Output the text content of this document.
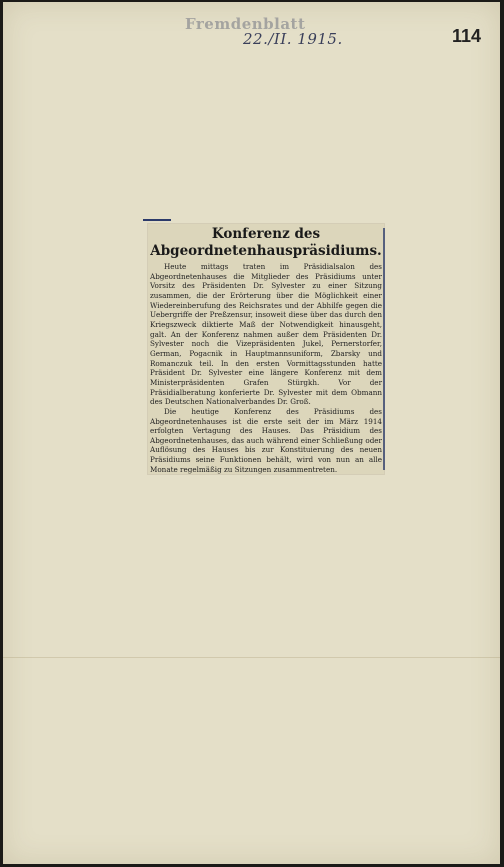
Fremdenblatt
22./II. 1915.	114
Konferenz des Abgeordnetenhauspräsidiums.

Heute mittags traten im Präsidialsalon des Abgeordnetenhauses die Mitglieder des Präsidiums unter Vorsitz des Präsidenten Dr. Sylvester zu einer Sitzung zusammen, die der Erörterung über die Möglichkeit einer Wiedereinberufung des Reichsrates und der Abhilfe gegen die Uebergriffe der Preßzensur, insoweit diese über das durch den Kriegszweck diktierte Maß der Notwendigkeit hinausgeht, galt. An der Konferenz nahmen außer dem Präsidenten Dr. Sylvester noch die Vizepräsidenten Jukel, Pernerstorfer, German, Pogacnik in Hauptmannsuniform, Zbarsky und Romanczuk teil. In den ersten Vormittagsstunden hatte Präsident Dr. Sylvester eine längere Konferenz mit dem Ministerpräsidenten Grafen Stürgkh. Vor der Präsidialberatung konferierte Dr. Sylvester mit dem Obmann des Deutschen Nationalverbandes Dr. Groß.

Die heutige Konferenz des Präsidiums des Abgeordnetenhauses ist die erste seit der im März 1914 erfolgten Vertagung des Hauses. Das Präsidium des Abgeordnetenhauses, das auch während einer Schließung oder Auflösung des Hauses bis zur Konstituierung des neuen Präsidiums seine Funktionen behält, wird von nun an alle Monate regelmäßig zu Sitzungen zusammentreten.
